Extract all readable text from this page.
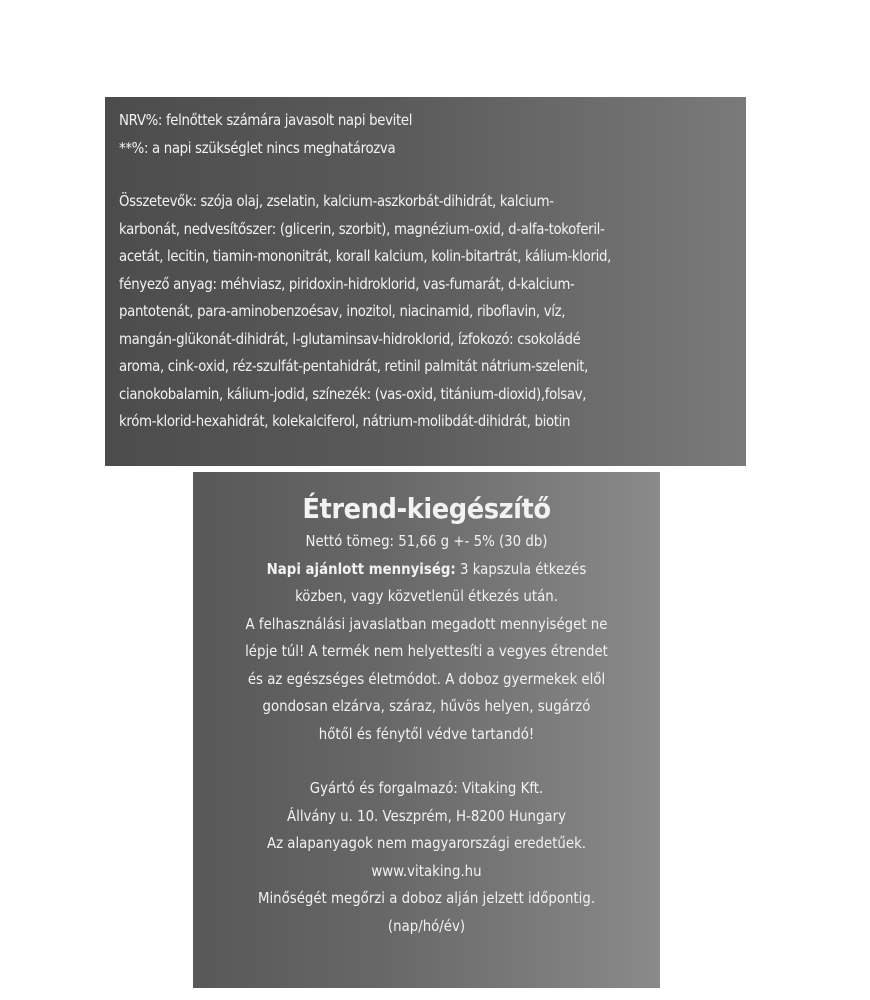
NRV%: felnőttek számára javasolt napi bevitel
**%: a napi szükséglet nincs meghatározva
Összetevők: szója olaj, zselatin, kalcium-aszkorbát-dihidrát, kalcium-
karbonát, nedvesítőszer: (glicerin, szorbit), magnézium-oxid, d-alfa-tokoferil-
acetát, lecitin, tiamin-mononitrát, korall kalcium, kolin-bitartrát, kálium-klorid,
fényező anyag: méhviasz, piridoxin-hidroklorid, vas-fumarát, d-kalcium-
pantotenát, para-aminobenzoésav, inozitol, niacinamid, riboflavin, víz,
mangán-glükonát-dihidrát, l-glutaminsav-hidroklorid, ízfokozó: csokoládé
aroma, cink-oxid, réz-szulfát-pentahidrát, retinil palmitát nátrium-szelenit,
cianokobalamin, kálium-jodid, színezék: (vas-oxid, titánium-dioxid),folsav,
króm-klorid-hexahidrát, kolekalciferol, nátrium-molibdát-dihidrát, biotin
Étrend-kiegészítő
Nettó tömeg: 51,66 g +- 5% (30 db)
Napi ajánlott mennyiség: 3 kapszula étkezés
közben, vagy közvetlenül étkezés után.
A felhasználási javaslatban megadott mennyiséget ne
lépje túl! A termék nem helyettesíti a vegyes étrendet
és az egészséges életmódot. A doboz gyermekek elől
gondosan elzárva, száraz, hűvös helyen, sugárzó
hőtől és fénytől védve tartandó!
Gyártó és forgalmazó: Vitaking Kft.
Állvány u. 10. Veszprém, H-8200 Hungary
Az alapanyagok nem magyarországi eredetűek.
www.vitaking.hu
Minőségét megőrzi a doboz alján jelzett időpontig.
(nap/hó/év)
